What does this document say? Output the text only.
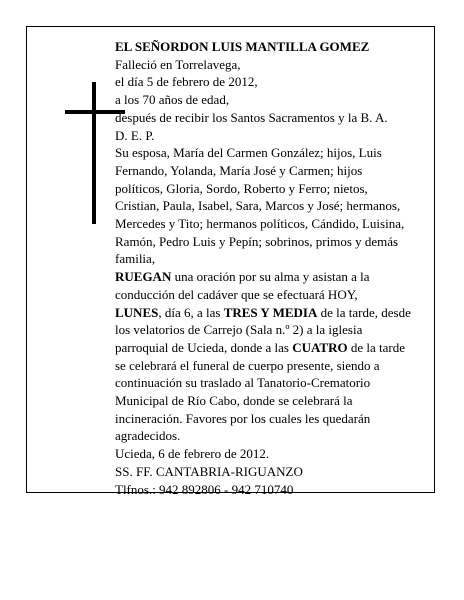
EL SEÑORDON LUIS MANTILLA GOMEZ
Falleció en Torrelavega,
el día 5 de febrero de 2012,
a los 70 años de edad,
después de recibir los Santos Sacramentos y la B. A.
D. E. P.
Su esposa, María del Carmen González; hijos, Luis
Fernando, Yolanda, María José y Carmen; hijos
políticos, Gloria, Sordo, Roberto y Ferro; nietos,
Cristian, Paula, Isabel, Sara, Marcos y José; hermanos,
Mercedes y Tito; hermanos políticos, Cándido, Luisina,
Ramón, Pedro Luis y Pepín; sobrinos, primos y demás
familia,
RUEGAN una oración por su alma y asistan a la
conducción del cadáver que se efectuará HOY,
LUNES, día 6, a las TRES Y MEDIA de la tarde, desde
los velatorios de Carrejo (Sala n.º 2) a la iglesia
parroquial de Ucieda, donde a las CUATRO de la tarde
se celebrará el funeral de cuerpo presente, siendo a
continuación su traslado al Tanatorio-Crematorio
Municipal de Río Cabo, donde se celebrará la
incineración. Favores por los cuales les quedarán
agradecidos.
Ucieda, 6 de febrero de 2012.
SS. FF. CANTABRIA-RIGUANZO
Tlfnos.: 942 892806 - 942 710740
